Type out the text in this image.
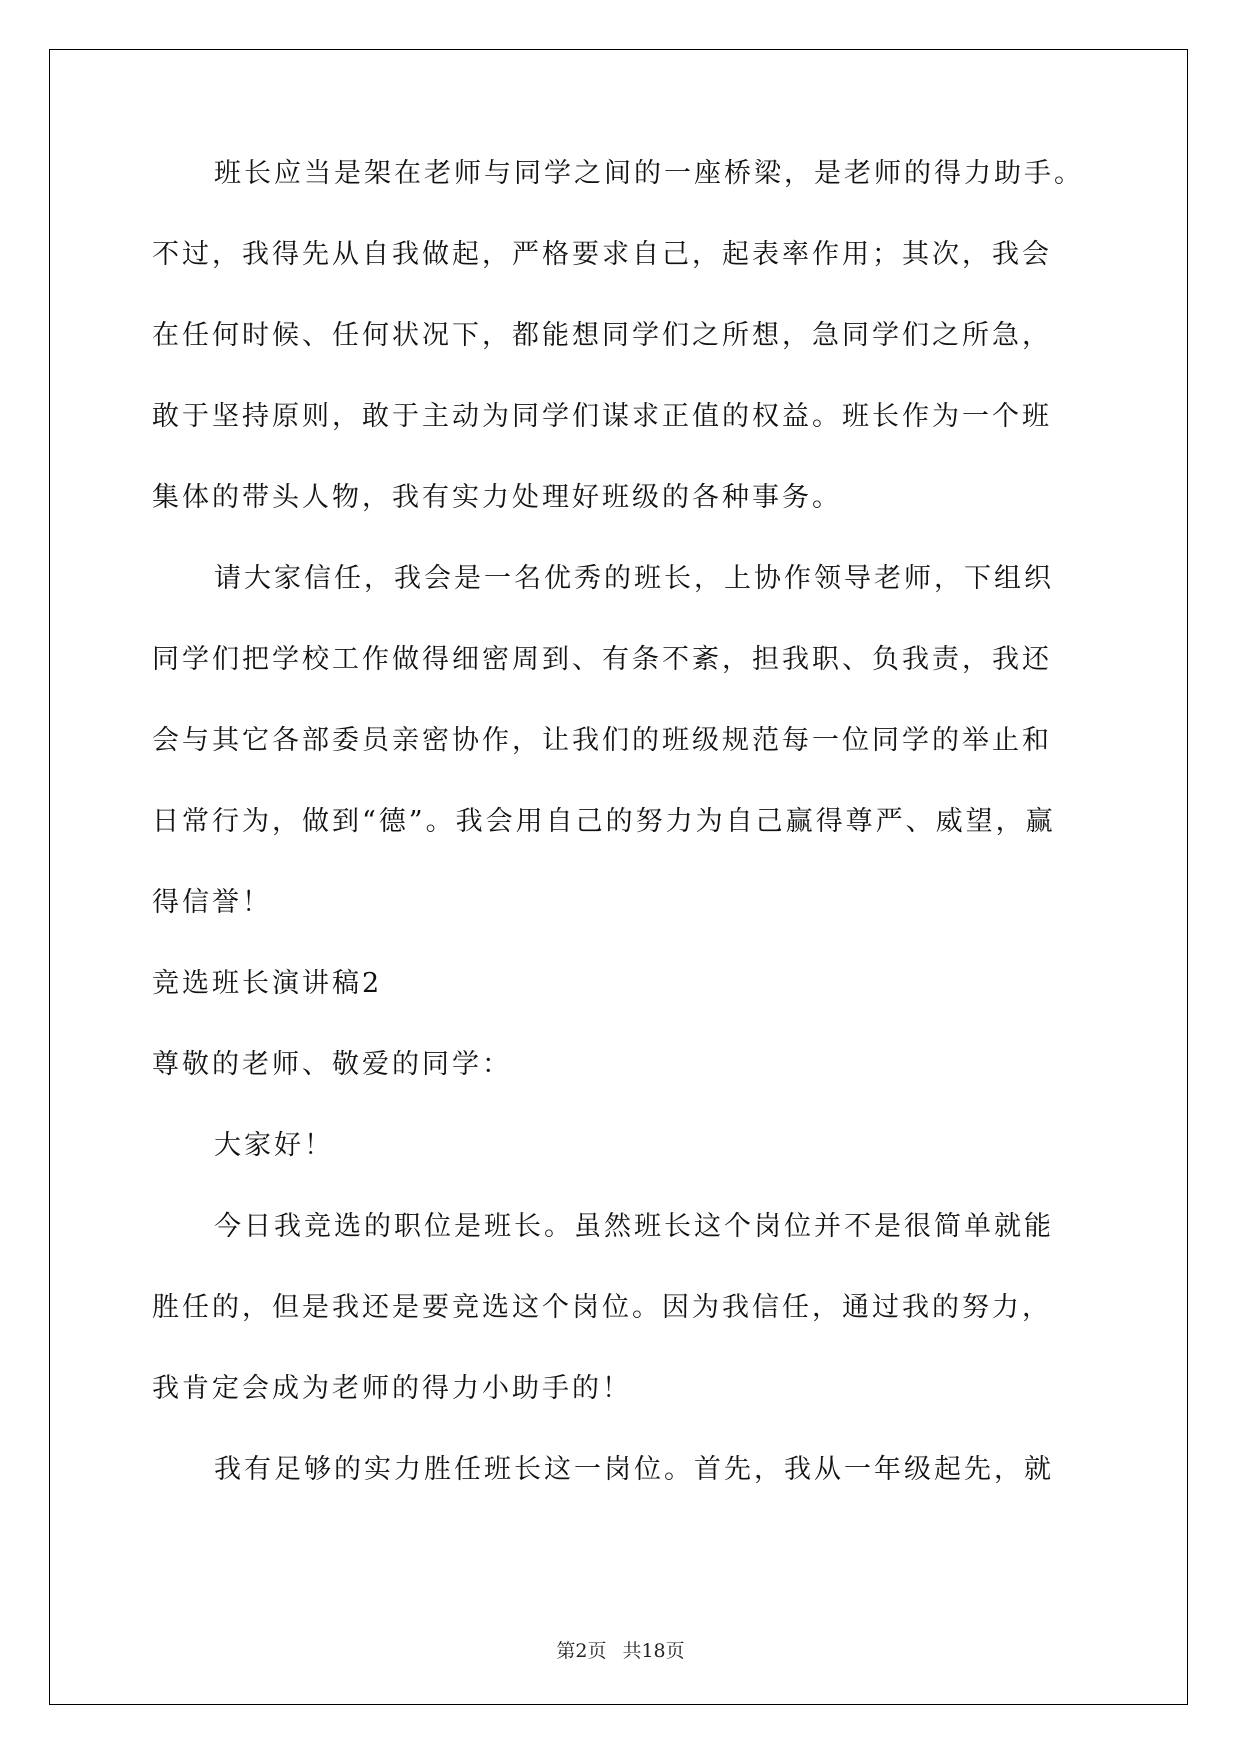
班长应当是架在老师与同学之间的一座桥梁，是老师的得力助手。
不过，我得先从自我做起，严格要求自己，起表率作用；其次，我会
在任何时候、任何状况下，都能想同学们之所想，急同学们之所急，
敢于坚持原则，敢于主动为同学们谋求正值的权益。班长作为一个班
集体的带头人物，我有实力处理好班级的各种事务。
请大家信任，我会是一名优秀的班长，上协作领导老师，下组织
同学们把学校工作做得细密周到、有条不紊，担我职、负我责，我还
会与其它各部委员亲密协作，让我们的班级规范每一位同学的举止和
日常行为，做到“德”。我会用自己的努力为自己赢得尊严、威望，赢
得信誉！
竞选班长演讲稿2
尊敬的老师、敬爱的同学：
大家好！
今日我竞选的职位是班长。虽然班长这个岗位并不是很简单就能
胜任的，但是我还是要竞选这个岗位。因为我信任，通过我的努力，
我肯定会成为老师的得力小助手的！
我有足够的实力胜任班长这一岗位。首先，我从一年级起先，就
第2页 共18页
